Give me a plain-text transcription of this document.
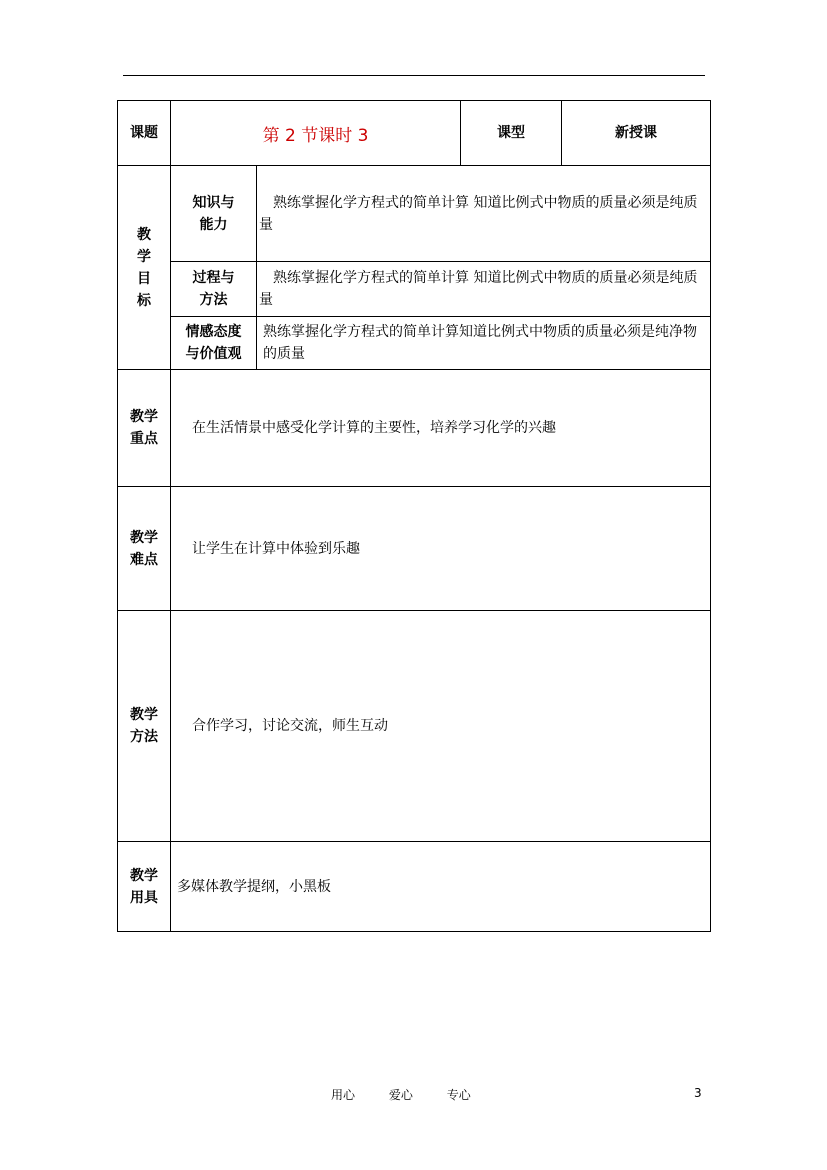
课题	第 2 节课时 3		课型	新授课

教
学
目
标	知识与能力	熟练掌握化学方程式的简单计算 知道比例式中物质的质量必须是纯质量		

	过程与方法	熟练掌握化学方程式的简单计算 知道比例式中物质的质量必须是纯质量		

	情感态度与价值观	熟练掌握化学方程式的简单计算知道比例式中物质的质量必须是纯净物的质量		

教学重点	在生活情景中感受化学计算的主要性，培养学习化学的兴趣			

教学难点	让学生在计算中体验到乐趣			

教学方法	合作学习，讨论交流，师生互动			

教学用具	多媒体教学提纲，小黑板			
用心	爱心	专心	3
